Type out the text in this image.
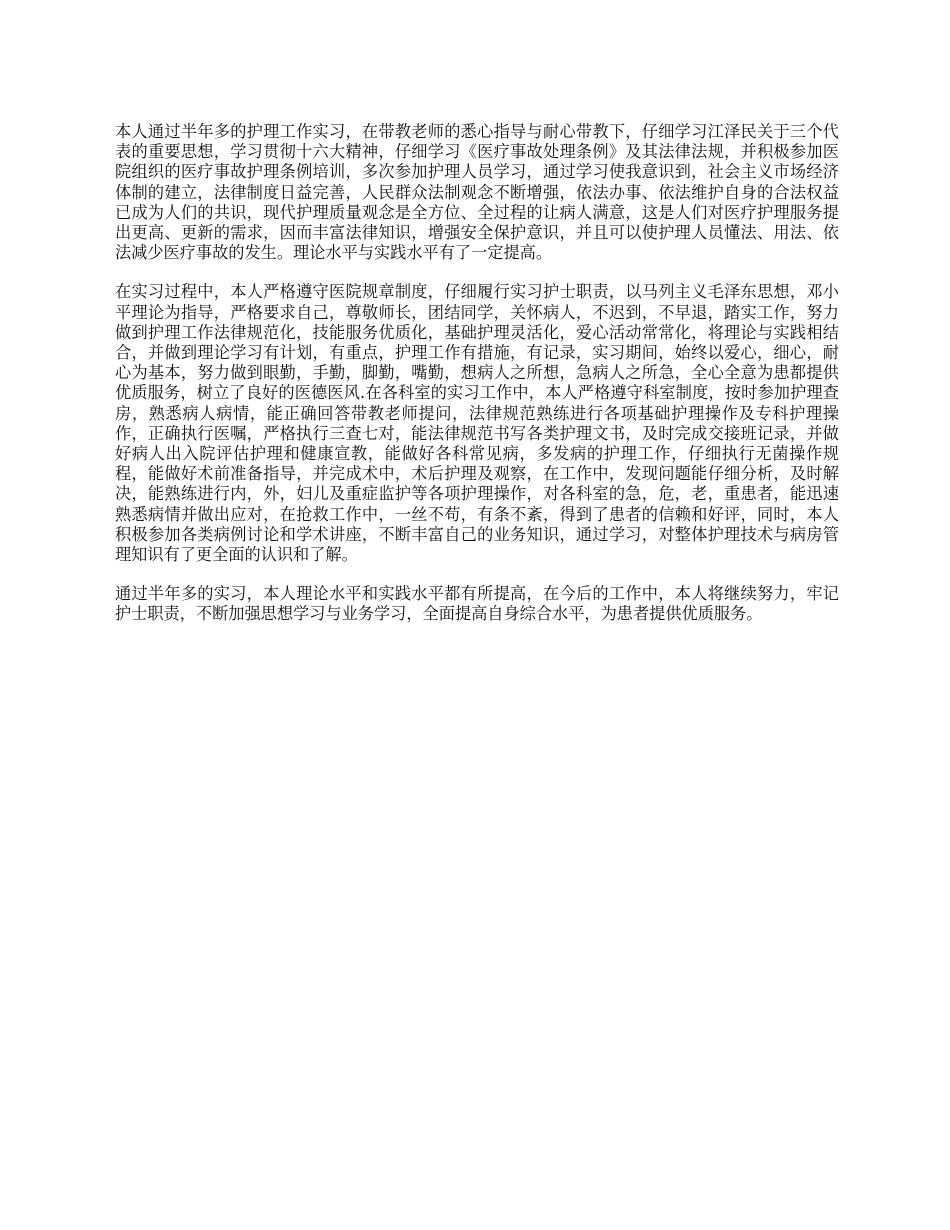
本人通过半年多的护理工作实习，在带教老师的悉心指导与耐心带教下，仔细学习江泽民关于三个代表的重要思想，学习贯彻十六大精神，仔细学习《医疗事故处理条例》及其法律法规，并积极参加医院组织的医疗事故护理条例培训，多次参加护理人员学习，通过学习使我意识到，社会主义市场经济体制的建立，法律制度日益完善，人民群众法制观念不断增强，依法办事、依法维护自身的合法权益已成为人们的共识，现代护理质量观念是全方位、全过程的让病人满意，这是人们对医疗护理服务提出更高、更新的需求，因而丰富法律知识，增强安全保护意识，并且可以使护理人员懂法、用法、依法减少医疗事故的发生。理论水平与实践水平有了一定提高。

在实习过程中，本人严格遵守医院规章制度，仔细履行实习护士职责，以马列主义毛泽东思想，邓小平理论为指导，严格要求自己，尊敬师长，团结同学，关怀病人，不迟到，不早退，踏实工作，努力做到护理工作法律规范化，技能服务优质化，基础护理灵活化，爱心活动常常化，将理论与实践相结合，并做到理论学习有计划，有重点，护理工作有措施，有记录，实习期间，始终以爱心，细心，耐心为基本，努力做到眼勤，手勤，脚勤，嘴勤，想病人之所想，急病人之所急，全心全意为患都提供优质服务，树立了良好的医德医风.在各科室的实习工作中，本人严格遵守科室制度，按时参加护理查房，熟悉病人病情，能正确回答带教老师提问，法律规范熟练进行各项基础护理操作及专科护理操作，正确执行医嘱，严格执行三查七对，能法律规范书写各类护理文书，及时完成交接班记录，并做好病人出入院评估护理和健康宣教，能做好各科常见病，多发病的护理工作，仔细执行无菌操作规程，能做好术前准备指导，并完成术中，术后护理及观察，在工作中，发现问题能仔细分析，及时解决，能熟练进行内，外，妇儿及重症监护等各项护理操作，对各科室的急，危，老，重患者，能迅速熟悉病情并做出应对，在抢救工作中，一丝不苟，有条不紊，得到了患者的信赖和好评，同时，本人积极参加各类病例讨论和学术讲座，不断丰富自己的业务知识，通过学习，对整体护理技术与病房管理知识有了更全面的认识和了解。

通过半年多的实习，本人理论水平和实践水平都有所提高，在今后的工作中，本人将继续努力，牢记护士职责，不断加强思想学习与业务学习，全面提高自身综合水平，为患者提供优质服务。
